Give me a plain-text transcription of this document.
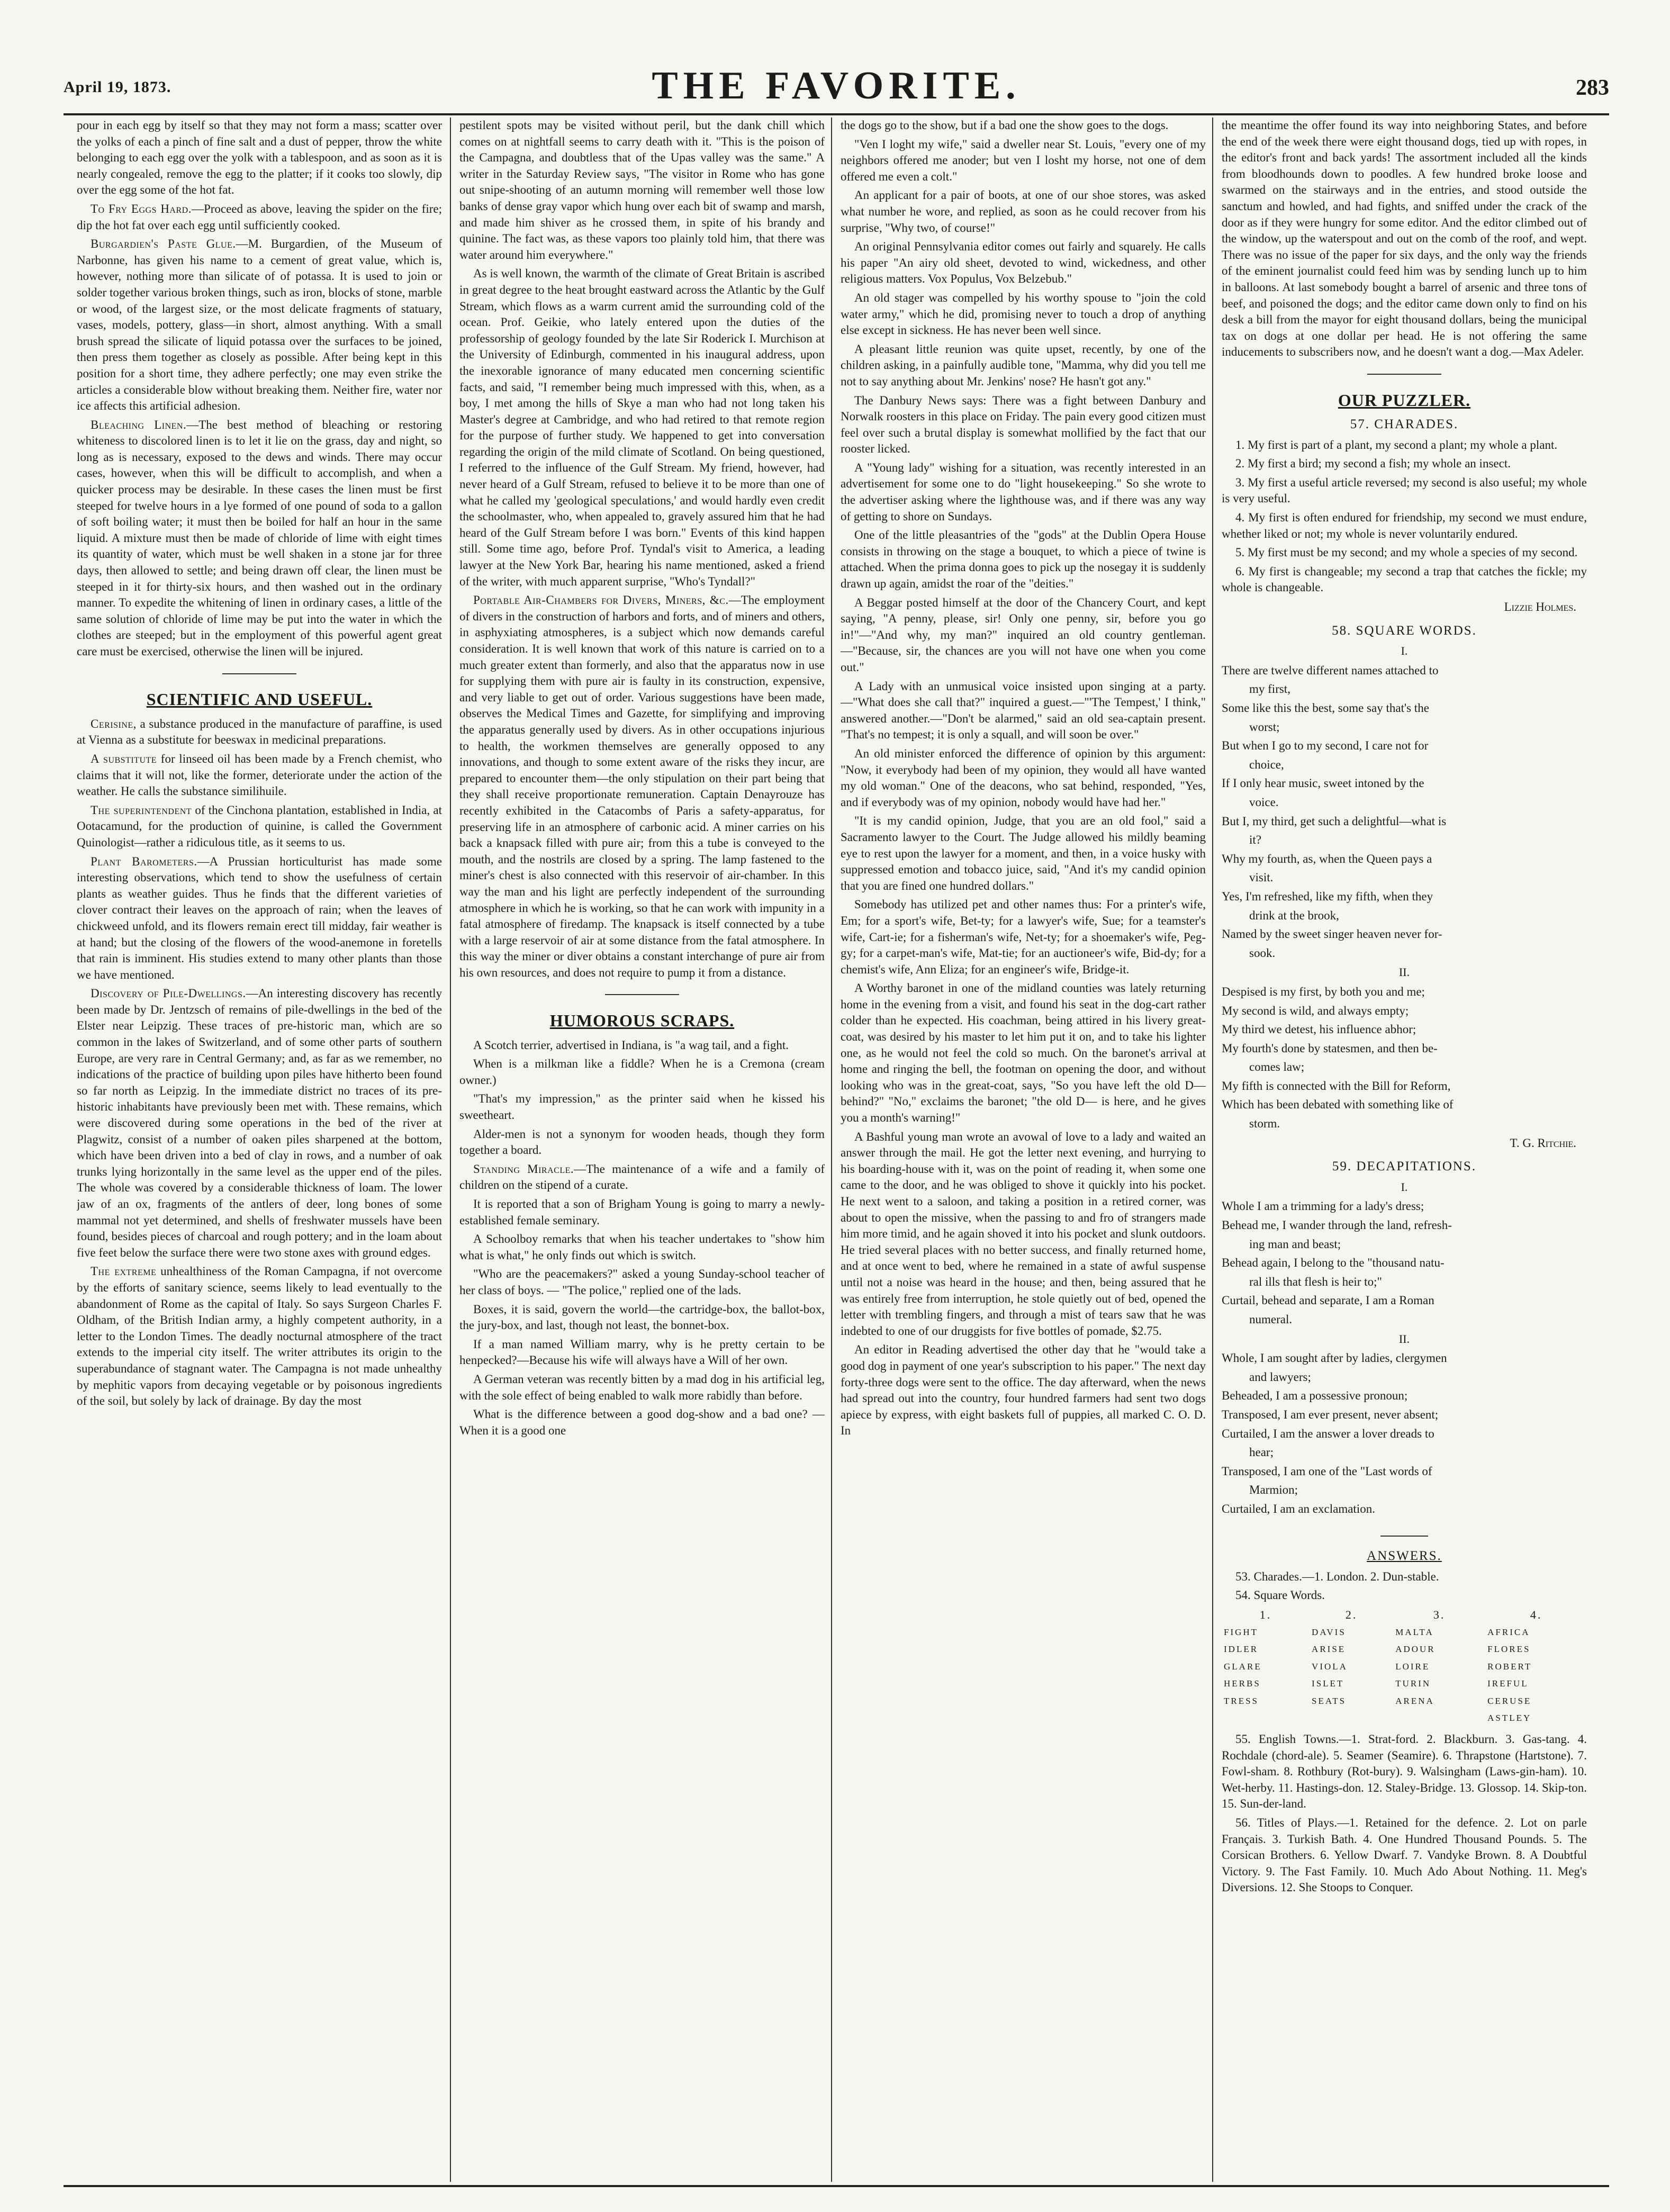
April 19, 1873.	THE FAVORITE.	283

pour in each egg by itself so that they may not form a mass; scatter over the yolks of each a pinch of fine salt and a dust of pepper, throw the white belonging to each egg over the yolk with a tablespoon, and as soon as it is nearly congealed, remove the egg to the platter; if it cooks too slowly, dip over the egg some of the hot fat.

To Fry Eggs Hard.—Proceed as above, leaving the spider on the fire; dip the hot fat over each egg until sufficiently cooked.

Burgardien's Paste Glue.—M. Burgardien, of the Museum of Narbonne, has given his name to a cement of great value, which is, however, nothing more than silicate of of potassa. It is used to join or solder together various broken things, such as iron, blocks of stone, marble or wood, of the largest size, or the most delicate fragments of statuary, vases, models, pottery, glass—in short, almost anything. With a small brush spread the silicate of liquid potassa over the surfaces to be joined, then press them together as closely as possible. After being kept in this position for a short time, they adhere perfectly; one may even strike the articles a considerable blow without breaking them. Neither fire, water nor ice affects this artificial adhesion.

Bleaching Linen.—The best method of bleaching or restoring whiteness to discolored linen is to let it lie on the grass, day and night, so long as is necessary, exposed to the dews and winds. There may occur cases, however, when this will be difficult to accomplish, and when a quicker process may be desirable. In these cases the linen must be first steeped for twelve hours in a lye formed of one pound of soda to a gallon of soft boiling water; it must then be boiled for half an hour in the same liquid. A mixture must then be made of chloride of lime with eight times its quantity of water, which must be well shaken in a stone jar for three days, then allowed to settle; and being drawn off clear, the linen must be steeped in it for thirty-six hours, and then washed out in the ordinary manner. To expedite the whitening of linen in ordinary cases, a little of the same solution of chloride of lime may be put into the water in which the clothes are steeped; but in the employment of this powerful agent great care must be exercised, otherwise the linen will be injured.

SCIENTIFIC AND USEFUL.

Cerisine, a substance produced in the manufacture of paraffine, is used at Vienna as a substitute for beeswax in medicinal preparations.

A substitute for linseed oil has been made by a French chemist, who claims that it will not, like the former, deteriorate under the action of the weather. He calls the substance similihuile.

The superintendent of the Cinchona plantation, established in India, at Ootacamund, for the production of quinine, is called the Government Quinologist—rather a ridiculous title, as it seems to us.

Plant Barometers.—A Prussian horticulturist has made some interesting observations, which tend to show the usefulness of certain plants as weather guides. Thus he finds that the different varieties of clover contract their leaves on the approach of rain; when the leaves of chickweed unfold, and its flowers remain erect till midday, fair weather is at hand; but the closing of the flowers of the wood-anemone in foretells that rain is imminent. His studies extend to many other plants than those we have mentioned.

Discovery of Pile-Dwellings.—An interesting discovery has recently been made by Dr. Jentzsch of remains of pile-dwellings in the bed of the Elster near Leipzig. These traces of pre-historic man, which are so common in the lakes of Switzerland, and of some other parts of southern Europe, are very rare in Central Germany; and, as far as we remember, no indications of the practice of building upon piles have hitherto been found so far north as Leipzig. In the immediate district no traces of its pre-historic inhabitants have previously been met with. These remains, which were discovered during some operations in the bed of the river at Plagwitz, consist of a number of oaken piles sharpened at the bottom, which have been driven into a bed of clay in rows, and a number of oak trunks lying horizontally in the same level as the upper end of the piles. The whole was covered by a considerable thickness of loam. The lower jaw of an ox, fragments of the antlers of deer, long bones of some mammal not yet determined, and shells of freshwater mussels have been found, besides pieces of charcoal and rough pottery; and in the loam about five feet below the surface there were two stone axes with ground edges.

The extreme unhealthiness of the Roman Campagna, if not overcome by the efforts of sanitary science, seems likely to lead eventually to the abandonment of Rome as the capital of Italy. So says Surgeon Charles F. Oldham, of the British Indian army, a highly competent authority, in a letter to the London Times. The deadly nocturnal atmosphere of the tract extends to the imperial city itself. The writer attributes its origin to the superabundance of stagnant water. The Campagna is not made unhealthy by mephitic vapors from decaying vegetable or by poisonous ingredients of the soil, but solely by lack of drainage. By day the most

pestilent spots may be visited without peril, but the dank chill which comes on at nightfall seems to carry death with it. "This is the poison of the Campagna, and doubtless that of the Upas valley was the same." A writer in the Saturday Review says, "The visitor in Rome who has gone out snipe-shooting of an autumn morning will remember well those low banks of dense gray vapor which hung over each bit of swamp and marsh, and made him shiver as he crossed them, in spite of his brandy and quinine. The fact was, as these vapors too plainly told him, that there was water around him everywhere."

As is well known, the warmth of the climate of Great Britain is ascribed in great degree to the heat brought eastward across the Atlantic by the Gulf Stream, which flows as a warm current amid the surrounding cold of the ocean. Prof. Geikie, who lately entered upon the duties of the professorship of geology founded by the late Sir Roderick I. Murchison at the University of Edinburgh, commented in his inaugural address, upon the inexorable ignorance of many educated men concerning scientific facts, and said, "I remember being much impressed with this, when, as a boy, I met among the hills of Skye a man who had not long taken his Master's degree at Cambridge, and who had retired to that remote region for the purpose of further study. We happened to get into conversation regarding the origin of the mild climate of Scotland. On being questioned, I referred to the influence of the Gulf Stream. My friend, however, had never heard of a Gulf Stream, refused to believe it to be more than one of what he called my 'geological speculations,' and would hardly even credit the schoolmaster, who, when appealed to, gravely assured him that he had heard of the Gulf Stream before I was born." Events of this kind happen still. Some time ago, before Prof. Tyndal's visit to America, a leading lawyer at the New York Bar, hearing his name mentioned, asked a friend of the writer, with much apparent surprise, "Who's Tyndall?"

Portable Air-Chambers for Divers, Miners, &c.—The employment of divers in the construction of harbors and forts, and of miners and others, in asphyxiating atmospheres, is a subject which now demands careful consideration. It is well known that work of this nature is carried on to a much greater extent than formerly, and also that the apparatus now in use for supplying them with pure air is faulty in its construction, expensive, and very liable to get out of order. Various suggestions have been made, observes the Medical Times and Gazette, for simplifying and improving the apparatus generally used by divers. As in other occupations injurious to health, the workmen themselves are generally opposed to any innovations, and though to some extent aware of the risks they incur, are prepared to encounter them—the only stipulation on their part being that they shall receive proportionate remuneration. Captain Denayrouze has recently exhibited in the Catacombs of Paris a safety-apparatus, for preserving life in an atmosphere of carbonic acid. A miner carries on his back a knapsack filled with pure air; from this a tube is conveyed to the mouth, and the nostrils are closed by a spring. The lamp fastened to the miner's chest is also connected with this reservoir of air-chamber. In this way the man and his light are perfectly independent of the surrounding atmosphere in which he is working, so that he can work with impunity in a fatal atmosphere of firedamp. The knapsack is itself connected by a tube with a large reservoir of air at some distance from the fatal atmosphere. In this way the miner or diver obtains a constant interchange of pure air from his own resources, and does not require to pump it from a distance.

HUMOROUS SCRAPS.

A Scotch terrier, advertised in Indiana, is "a wag tail, and a fight.

When is a milkman like a fiddle? When he is a Cremona (cream owner.)

"That's my impression," as the printer said when he kissed his sweetheart.

Alder-men is not a synonym for wooden heads, though they form together a board.

Standing Miracle.—The maintenance of a wife and a family of children on the stipend of a curate.

It is reported that a son of Brigham Young is going to marry a newly-established female seminary.

A Schoolboy remarks that when his teacher undertakes to "show him what is what," he only finds out which is switch.

"Who are the peacemakers?" asked a young Sunday-school teacher of her class of boys. — "The police," replied one of the lads.

Boxes, it is said, govern the world—the cartridge-box, the ballot-box, the jury-box, and last, though not least, the bonnet-box.

If a man named William marry, why is he pretty certain to be henpecked?—Because his wife will always have a Will of her own.

A German veteran was recently bitten by a mad dog in his artificial leg, with the sole effect of being enabled to walk more rabidly than before.

What is the difference between a good dog-show and a bad one? — When it is a good one

the dogs go to the show, but if a bad one the show goes to the dogs.

"Ven I loght my wife," said a dweller near St. Louis, "every one of my neighbors offered me anoder; but ven I losht my horse, not one of dem offered me even a colt."

An applicant for a pair of boots, at one of our shoe stores, was asked what number he wore, and replied, as soon as he could recover from his surprise, "Why two, of course!"

An original Pennsylvania editor comes out fairly and squarely. He calls his paper "An airy old sheet, devoted to wind, wickedness, and other religious matters. Vox Populus, Vox Belzebub."

An old stager was compelled by his worthy spouse to "join the cold water army," which he did, promising never to touch a drop of anything else except in sickness. He has never been well since.

A pleasant little reunion was quite upset, recently, by one of the children asking, in a painfully audible tone, "Mamma, why did you tell me not to say anything about Mr. Jenkins' nose? He hasn't got any."

The Danbury News says: There was a fight between Danbury and Norwalk roosters in this place on Friday. The pain every good citizen must feel over such a brutal display is somewhat mollified by the fact that our rooster licked.

A "Young lady" wishing for a situation, was recently interested in an advertisement for some one to do "light housekeeping." So she wrote to the advertiser asking where the lighthouse was, and if there was any way of getting to shore on Sundays.

One of the little pleasantries of the "gods" at the Dublin Opera House consists in throwing on the stage a bouquet, to which a piece of twine is attached. When the prima donna goes to pick up the nosegay it is suddenly drawn up again, amidst the roar of the "deities."

A Beggar posted himself at the door of the Chancery Court, and kept saying, "A penny, please, sir! Only one penny, sir, before you go in!"—"And why, my man?" inquired an old country gentleman.—"Because, sir, the chances are you will not have one when you come out."

A Lady with an unmusical voice insisted upon singing at a party.—"What does she call that?" inquired a guest.—"'The Tempest,' I think," answered another.—"Don't be alarmed," said an old sea-captain present. "That's no tempest; it is only a squall, and will soon be over."

An old minister enforced the difference of opinion by this argument: "Now, it everybody had been of my opinion, they would all have wanted my old woman." One of the deacons, who sat behind, responded, "Yes, and if everybody was of my opinion, nobody would have had her."

"It is my candid opinion, Judge, that you are an old fool," said a Sacramento lawyer to the Court. The Judge allowed his mildly beaming eye to rest upon the lawyer for a moment, and then, in a voice husky with suppressed emotion and tobacco juice, said, "And it's my candid opinion that you are fined one hundred dollars."

Somebody has utilized pet and other names thus: For a printer's wife, Em; for a sport's wife, Bet-ty; for a lawyer's wife, Sue; for a teamster's wife, Cart-ie; for a fisherman's wife, Net-ty; for a shoemaker's wife, Peg-gy; for a carpet-man's wife, Mat-tie; for an auctioneer's wife, Bid-dy; for a chemist's wife, Ann Eliza; for an engineer's wife, Bridge-it.

A Worthy baronet in one of the midland counties was lately returning home in the evening from a visit, and found his seat in the dog-cart rather colder than he expected. His coachman, being attired in his livery great-coat, was desired by his master to let him put it on, and to take his lighter one, as he would not feel the cold so much. On the baronet's arrival at home and ringing the bell, the footman on opening the door, and without looking who was in the great-coat, says, "So you have left the old D— behind?" "No," exclaims the baronet; "the old D— is here, and he gives you a month's warning!"

A Bashful young man wrote an avowal of love to a lady and waited an answer through the mail. He got the letter next evening, and hurrying to his boarding-house with it, was on the point of reading it, when some one came to the door, and he was obliged to shove it quickly into his pocket. He next went to a saloon, and taking a position in a retired corner, was about to open the missive, when the passing to and fro of strangers made him more timid, and he again shoved it into his pocket and slunk outdoors. He tried several places with no better success, and finally returned home, and at once went to bed, where he remained in a state of awful suspense until not a noise was heard in the house; and then, being assured that he was entirely free from interruption, he stole quietly out of bed, opened the letter with trembling fingers, and through a mist of tears saw that he was indebted to one of our druggists for five bottles of pomade, $2.75.

An editor in Reading advertised the other day that he "would take a good dog in payment of one year's subscription to his paper." The next day forty-three dogs were sent to the office. The day afterward, when the news had spread out into the country, four hundred farmers had sent two dogs apiece by express, with eight baskets full of puppies, all marked C. O. D. In

the meantime the offer found its way into neighboring States, and before the end of the week there were eight thousand dogs, tied up with ropes, in the editor's front and back yards! The assortment included all the kinds from bloodhounds down to poodles. A few hundred broke loose and swarmed on the stairways and in the entries, and stood outside the sanctum and howled, and had fights, and sniffed under the crack of the door as if they were hungry for some editor. And the editor climbed out of the window, up the waterspout and out on the comb of the roof, and wept. There was no issue of the paper for six days, and the only way the friends of the eminent journalist could feed him was by sending lunch up to him in balloons. At last somebody bought a barrel of arsenic and three tons of beef, and poisoned the dogs; and the editor came down only to find on his desk a bill from the mayor for eight thousand dollars, being the municipal tax on dogs at one dollar per head. He is not offering the same inducements to subscribers now, and he doesn't want a dog.—Max Adeler.

OUR PUZZLER.
57. CHARADES.

1. My first is part of a plant, my second a plant; my whole a plant.

2. My first a bird; my second a fish; my whole an insect.

3. My first a useful article reversed; my second is also useful; my whole is very useful.

4. My first is often endured for friendship, my second we must endure, whether liked or not; my whole is never voluntarily endured.

5. My first must be my second; and my whole a species of my second.

6. My first is changeable; my second a trap that catches the fickle; my whole is changeable.

Lizzie Holmes.
58. SQUARE WORDS.
I.

There are twelve different names attached to

my first,

Some like this the best, some say that's the

worst;

But when I go to my second, I care not for

choice,

If I only hear music, sweet intoned by the

voice.

But I, my third, get such a delightful—what is

it?

Why my fourth, as, when the Queen pays a

visit.

Yes, I'm refreshed, like my fifth, when they

drink at the brook,

Named by the sweet singer heaven never for-

sook.

II.

Despised is my first, by both you and me;

My second is wild, and always empty;

My third we detest, his influence abhor;

My fourth's done by statesmen, and then be-

comes law;

My fifth is connected with the Bill for Reform,

Which has been debated with something like of

storm.

T. G. Ritchie.
59. DECAPITATIONS.
I.

Whole I am a trimming for a lady's dress;

Behead me, I wander through the land, refresh-

ing man and beast;

Behead again, I belong to the "thousand natu-

ral ills that flesh is heir to;"

Curtail, behead and separate, I am a Roman

numeral.

II.

Whole, I am sought after by ladies, clergymen

and lawyers;

Beheaded, I am a possessive pronoun;

Transposed, I am ever present, never absent;

Curtailed, I am the answer a lover dreads to

hear;

Transposed, I am one of the "Last words of

Marmion;

Curtailed, I am an exclamation.

ANSWERS.

53. Charades.—1. London. 2. Dun-stable.

54. Square Words.

1.	2.	3.	4.
FIGHT	DAVIS	MALTA	AFRICA
IDLER	ARISE	ADOUR	FLORES
GLARE	VIOLA	LOIRE	ROBERT
HERBS	ISLET	TURIN	IREFUL
TRESS	SEATS	ARENA	CERUSE
			ASTLEY

55. English Towns.—1. Strat-ford. 2. Blackburn. 3. Gas-tang. 4. Rochdale (chord-ale). 5. Seamer (Seamire). 6. Thrapstone (Hartstone). 7. Fowl-sham. 8. Rothbury (Rot-bury). 9. Walsingham (Laws-gin-ham). 10. Wet-herby. 11. Hastings-don. 12. Staley-Bridge. 13. Glossop. 14. Skip-ton. 15. Sun-der-land.

56. Titles of Plays.—1. Retained for the defence. 2. Lot on parle Français. 3. Turkish Bath. 4. One Hundred Thousand Pounds. 5. The Corsican Brothers. 6. Yellow Dwarf. 7. Vandyke Brown. 8. A Doubtful Victory. 9. The Fast Family. 10. Much Ado About Nothing. 11. Meg's Diversions. 12. She Stoops to Conquer.
